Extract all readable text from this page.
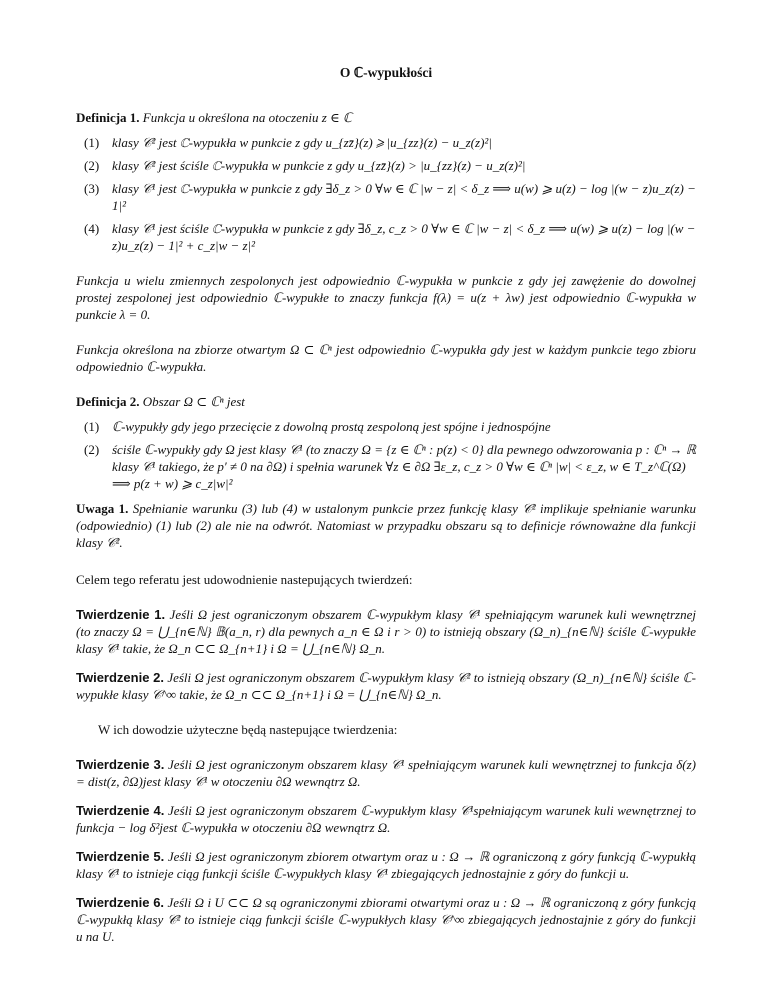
O ℂ-wypukłości
Definicja 1. Funkcja u określona na otoczeniu z ∈ ℂ
(1) klasy 𝒞² jest ℂ-wypukła w punkcie z gdy u_{zz̄}(z) ⩾ |u_{zz}(z) − u_z(z)²|
(2) klasy 𝒞² jest ściśle ℂ-wypukła w punkcie z gdy u_{zz̄}(z) > |u_{zz}(z) − u_z(z)²|
(3) klasy 𝒞¹ jest ℂ-wypukła w punkcie z gdy ∃δ_z > 0 ∀w ∈ ℂ |w − z| < δ_z ⟹ u(w) ⩾ u(z) − log |(w − z)u_z(z) − 1|²
(4) klasy 𝒞¹ jest ściśle ℂ-wypukła w punkcie z gdy ∃δ_z, c_z > 0 ∀w ∈ ℂ |w − z| < δ_z ⟹ u(w) ⩾ u(z) − log |(w − z)u_z(z) − 1|² + c_z|w − z|²
Funkcja u wielu zmiennych zespolonych jest odpowiednio ℂ-wypukła w punkcie z gdy jej zawężenie do dowolnej prostej zespolonej jest odpowiednio ℂ-wypukłe to znaczy funkcja f(λ) = u(z + λw) jest odpowiednio ℂ-wypukła w punkcie λ = 0.
Funkcja określona na zbiorze otwartym Ω ⊂ ℂⁿ jest odpowiednio ℂ-wypukła gdy jest w każdym punkcie tego zbioru odpowiednio ℂ-wypukła.
Definicja 2. Obszar Ω ⊂ ℂⁿ jest
(1) ℂ-wypukły gdy jego przecięcie z dowolną prostą zespoloną jest spójne i jednospójne
(2) ściśle ℂ-wypukły gdy Ω jest klasy 𝒞¹ (to znaczy Ω = {z ∈ ℂⁿ : p(z) < 0} dla pewnego odwzorowania p : ℂⁿ → ℝ klasy 𝒞¹ takiego, że p′ ≠ 0 na ∂Ω) i spełnia warunek ∀z ∈ ∂Ω ∃ε_z, c_z > 0 ∀w ∈ ℂⁿ |w| < ε_z, w ∈ T_z^ℂ(Ω) ⟹ p(z + w) ⩾ c_z|w|²
Uwaga 1. Spełnianie warunku (3) lub (4) w ustalonym punkcie przez funkcję klasy 𝒞² implikuje spełnianie warunku (odpowiednio) (1) lub (2) ale nie na odwrót. Natomiast w przypadku obszaru są to definicje równoważne dla funkcji klasy 𝒞².
Celem tego referatu jest udowodnienie nastepujących twierdzeń:
Twierdzenie 1. Jeśli Ω jest ograniczonym obszarem ℂ-wypukłym klasy 𝒞¹ spełniającym warunek kuli wewnętrznej (to znaczy Ω = ⋃_{n∈ℕ} 𝔹(a_n, r) dla pewnych a_n ∈ Ω i r > 0) to istnieją obszary (Ω_n)_{n∈ℕ} ściśle ℂ-wypukłe klasy 𝒞¹ takie, że Ω_n ⊂⊂ Ω_{n+1} i Ω = ⋃_{n∈ℕ} Ω_n.
Twierdzenie 2. Jeśli Ω jest ograniczonym obszarem ℂ-wypukłym klasy 𝒞² to istnieją obszary (Ω_n)_{n∈ℕ} ściśle ℂ-wypukłe klasy 𝒞^∞ takie, że Ω_n ⊂⊂ Ω_{n+1} i Ω = ⋃_{n∈ℕ} Ω_n.
W ich dowodzie użyteczne będą nastepujące twierdzenia:
Twierdzenie 3. Jeśli Ω jest ograniczonym obszarem klasy 𝒞¹ spełniającym warunek kuli wewnętrznej to funkcja δ(z) = dist(z, ∂Ω)jest klasy 𝒞¹ w otoczeniu ∂Ω wewnątrz Ω.
Twierdzenie 4. Jeśli Ω jest ograniczonym obszarem ℂ-wypukłym klasy 𝒞¹spełniającym warunek kuli wewnętrznej to funkcja − log δ²jest ℂ-wypukła w otoczeniu ∂Ω wewnątrz Ω.
Twierdzenie 5. Jeśli Ω jest ograniczonym zbiorem otwartym oraz u : Ω → ℝ ograniczoną z góry funkcją ℂ-wypukłą klasy 𝒞¹ to istnieje ciąg funkcji ściśle ℂ-wypukłych klasy 𝒞¹ zbiegających jednostajnie z góry do funkcji u.
Twierdzenie 6. Jeśli Ω i U ⊂⊂ Ω są ograniczonymi zbiorami otwartymi oraz u : Ω → ℝ ograniczoną z góry funkcją ℂ-wypukłą klasy 𝒞² to istnieje ciąg funkcji ściśle ℂ-wypukłych klasy 𝒞^∞ zbiegających jednostajnie z góry do funkcji u na U.
